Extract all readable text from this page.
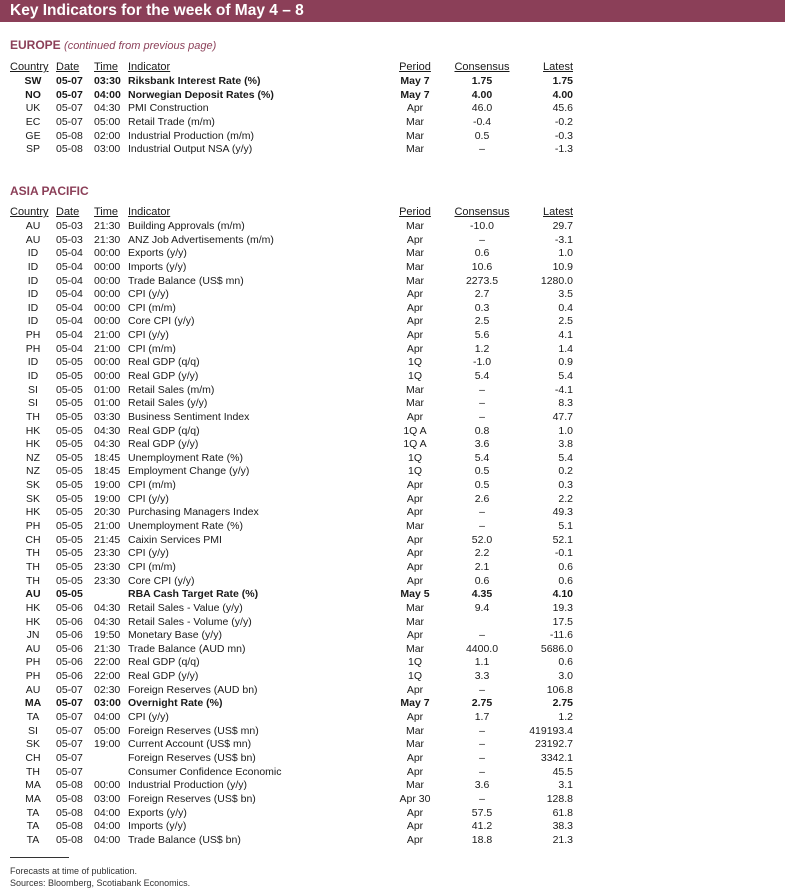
Key Indicators for the week of May 4 – 8
EUROPE (continued from previous page)
Country	Date	Time	Indicator	Period	Consensus	Latest
SW	05-07	03:30	Riksbank Interest Rate (%)	May 7	1.75	1.75
NO	05-07	04:00	Norwegian Deposit Rates (%)	May 7	4.00	4.00
UK	05-07	04:30	PMI Construction	Apr	46.0	45.6
EC	05-07	05:00	Retail Trade (m/m)	Mar	-0.4	-0.2
GE	05-08	02:00	Industrial Production (m/m)	Mar	0.5	-0.3
SP	05-08	03:00	Industrial Output NSA (y/y)	Mar	–	-1.3
ASIA PACIFIC
Country	Date	Time	Indicator	Period	Consensus	Latest
AU	05-03	21:30	Building Approvals (m/m)	Mar	-10.0	29.7
AU	05-03	21:30	ANZ Job Advertisements (m/m)	Apr	–	-3.1
ID	05-04	00:00	Exports (y/y)	Mar	0.6	1.0
ID	05-04	00:00	Imports (y/y)	Mar	10.6	10.9
ID	05-04	00:00	Trade Balance (US$ mn)	Mar	2273.5	1280.0
ID	05-04	00:00	CPI (y/y)	Apr	2.7	3.5
ID	05-04	00:00	CPI (m/m)	Apr	0.3	0.4
ID	05-04	00:00	Core CPI (y/y)	Apr	2.5	2.5
PH	05-04	21:00	CPI (y/y)	Apr	5.6	4.1
PH	05-04	21:00	CPI (m/m)	Apr	1.2	1.4
ID	05-05	00:00	Real GDP (q/q)	1Q	-1.0	0.9
ID	05-05	00:00	Real GDP (y/y)	1Q	5.4	5.4
SI	05-05	01:00	Retail Sales (m/m)	Mar	–	-4.1
SI	05-05	01:00	Retail Sales (y/y)	Mar	–	8.3
TH	05-05	03:30	Business Sentiment Index	Apr	–	47.7
HK	05-05	04:30	Real GDP (q/q)	1Q A	0.8	1.0
HK	05-05	04:30	Real GDP (y/y)	1Q A	3.6	3.8
NZ	05-05	18:45	Unemployment Rate (%)	1Q	5.4	5.4
NZ	05-05	18:45	Employment Change (y/y)	1Q	0.5	0.2
SK	05-05	19:00	CPI (m/m)	Apr	0.5	0.3
SK	05-05	19:00	CPI (y/y)	Apr	2.6	2.2
HK	05-05	20:30	Purchasing Managers Index	Apr	–	49.3
PH	05-05	21:00	Unemployment Rate (%)	Mar	–	5.1
CH	05-05	21:45	Caixin Services PMI	Apr	52.0	52.1
TH	05-05	23:30	CPI (y/y)	Apr	2.2	-0.1
TH	05-05	23:30	CPI (m/m)	Apr	2.1	0.6
TH	05-05	23:30	Core CPI (y/y)	Apr	0.6	0.6
AU	05-05		RBA Cash Target Rate (%)	May 5	4.35	4.10
HK	05-06	04:30	Retail Sales - Value (y/y)	Mar	9.4	19.3
HK	05-06	04:30	Retail Sales - Volume (y/y)	Mar		17.5
JN	05-06	19:50	Monetary Base (y/y)	Apr	–	-11.6
AU	05-06	21:30	Trade Balance (AUD mn)	Mar	4400.0	5686.0
PH	05-06	22:00	Real GDP (q/q)	1Q	1.1	0.6
PH	05-06	22:00	Real GDP (y/y)	1Q	3.3	3.0
AU	05-07	02:30	Foreign Reserves (AUD bn)	Apr	–	106.8
MA	05-07	03:00	Overnight Rate (%)	May 7	2.75	2.75
TA	05-07	04:00	CPI (y/y)	Apr	1.7	1.2
SI	05-07	05:00	Foreign Reserves (US$ mn)	Mar	–	419193.4
SK	05-07	19:00	Current Account (US$ mn)	Mar	–	23192.7
CH	05-07		Foreign Reserves (US$ bn)	Apr	–	3342.1
TH	05-07		Consumer Confidence Economic	Apr	–	45.5
MA	05-08	00:00	Industrial Production (y/y)	Mar	3.6	3.1
MA	05-08	03:00	Foreign Reserves (US$ bn)	Apr 30	–	128.8
TA	05-08	04:00	Exports (y/y)	Apr	57.5	61.8
TA	05-08	04:00	Imports (y/y)	Apr	41.2	38.3
TA	05-08	04:00	Trade Balance (US$ bn)	Apr	18.8	21.3
Forecasts at time of publication.
Sources: Bloomberg, Scotiabank Economics.
